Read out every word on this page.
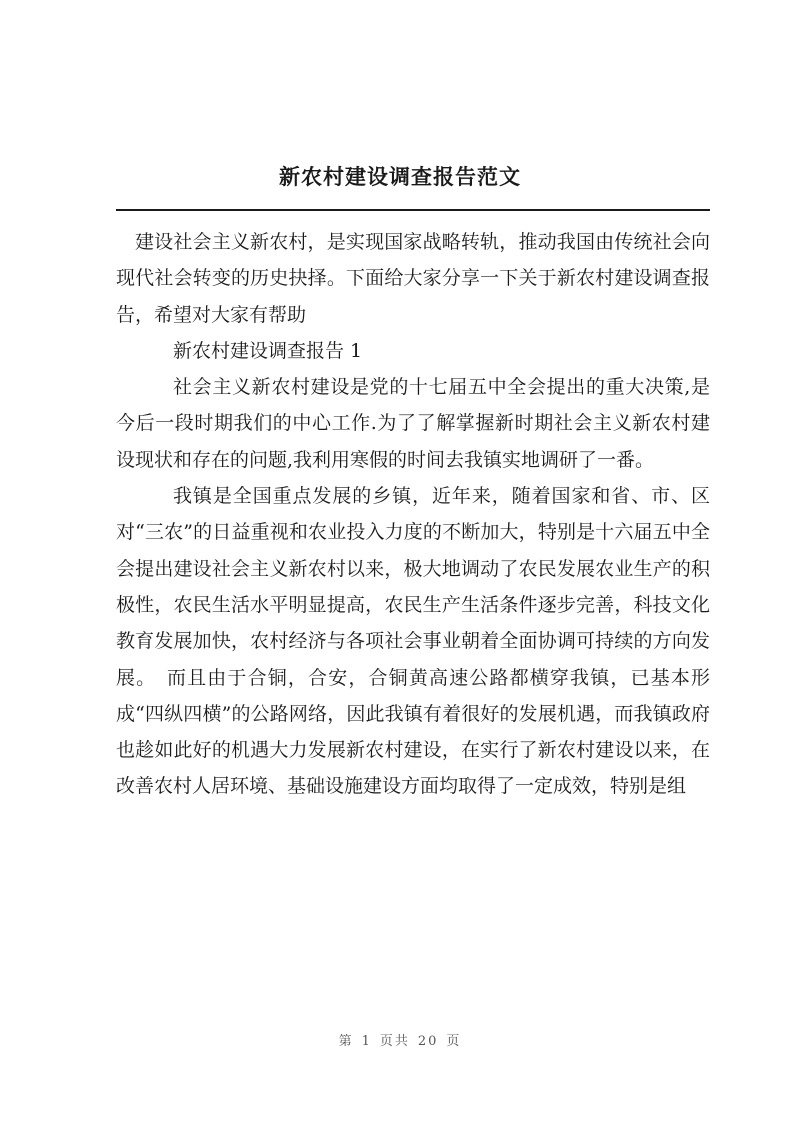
新农村建设调查报告范文

建设社会主义新农村，是实现国家战略转轨，推动我国由传统社会向现代社会转变的历史抉择。下面给大家分享一下关于新农村建设调查报告，希望对大家有帮助

新农村建设调查报告 1

社会主义新农村建设是党的十七届五中全会提出的重大决策,是今后一段时期我们的中心工作.为了了解掌握新时期社会主义新农村建设现状和存在的问题,我利用寒假的时间去我镇实地调研了一番。

我镇是全国重点发展的乡镇，近年来，随着国家和省、市、区对“三农”的日益重视和农业投入力度的不断加大，特别是十六届五中全会提出建设社会主义新农村以来，极大地调动了农民发展农业生产的积极性，农民生活水平明显提高，农民生产生活条件逐步完善，科技文化教育发展加快，农村经济与各项社会事业朝着全面协调可持续的方向发展。　而且由于合铜，合安，合铜黄高速公路都横穿我镇，已基本形成“四纵四横”的公路网络，因此我镇有着很好的发展机遇，而我镇政府也趁如此好的机遇大力发展新农村建设，在实行了新农村建设以来，在改善农村人居环境、基础设施建设方面均取得了一定成效，特别是组

第 1 页共 20 页
